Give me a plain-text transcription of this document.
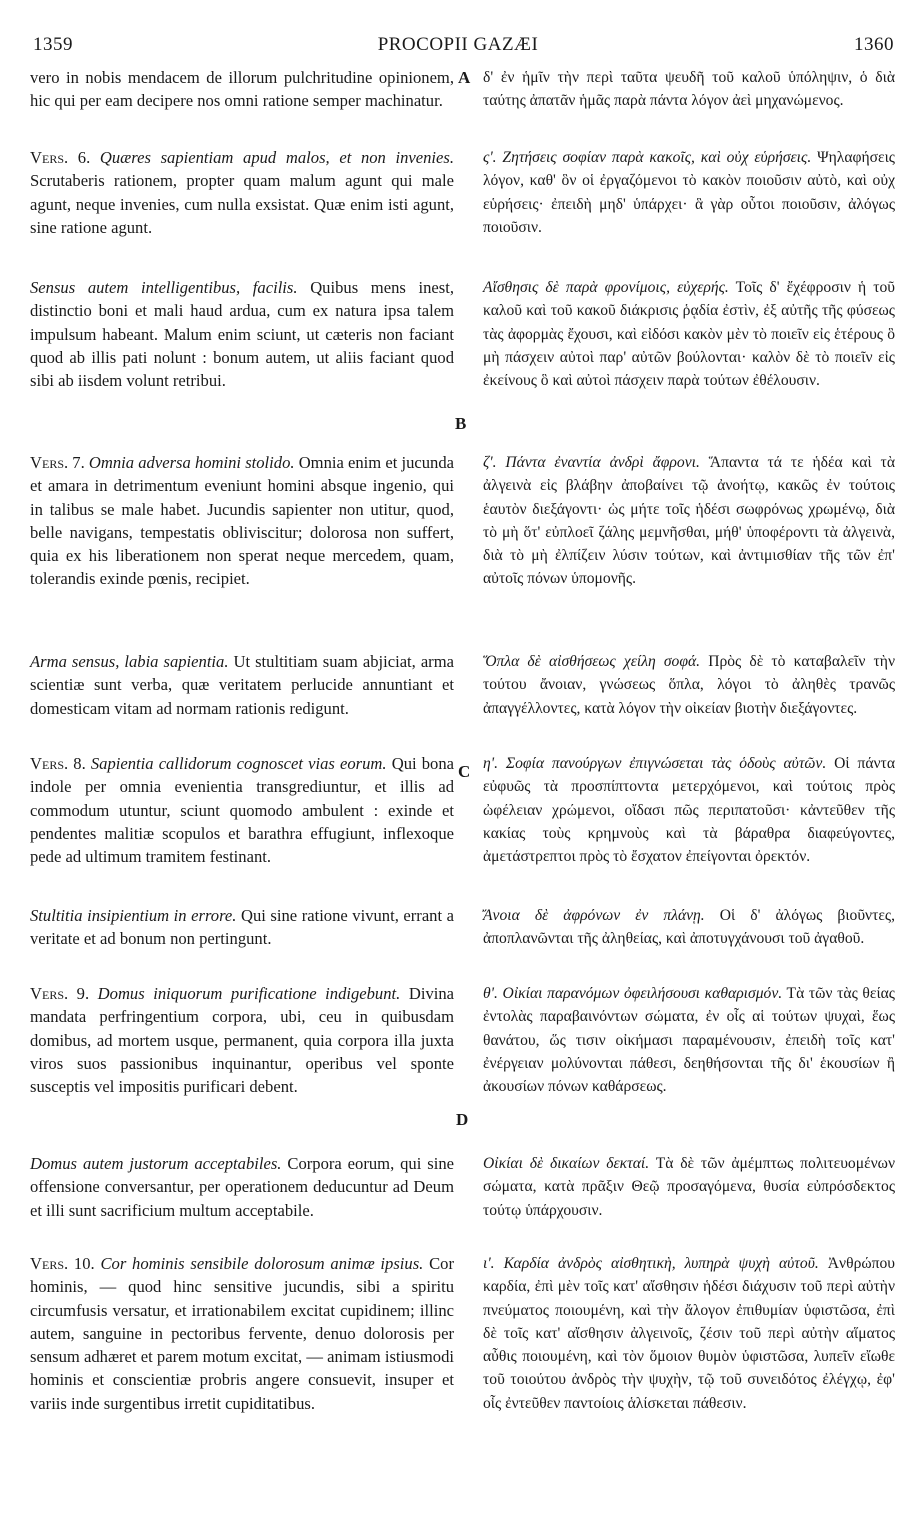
1359	PROCOPII GAZÆI	1360

vero in nobis mendacem de illorum pulchritudine opinionem, hic qui per eam decipere nos omni ratione semper machinatur.

Vers. 6. Quæres sapientiam apud malos, et non invenies. Scrutaberis rationem, propter quam malum agunt qui male agunt, neque invenies, cum nulla exsistat. Quæ enim isti agunt, sine ratione agunt.

Sensus autem intelligentibus, facilis. Quibus mens inest, distinctio boni et mali haud ardua, cum ex natura ipsa talem impulsum habeant. Malum enim sciunt, ut cæteris non faciant quod ab illis pati nolunt : bonum autem, ut aliis faciant quod sibi ab iisdem volunt retribui.

Vers. 7. Omnia adversa homini stolido. Omnia enim et jucunda et amara in detrimentum eveniunt homini absque ingenio, qui in talibus se male habet. Jucundis sapienter non utitur, quod, belle navigans, tempestatis obliviscitur; dolorosa non suffert, quia ex his liberationem non sperat neque mercedem, quam, tolerandis exinde pœnis, recipiet.

Arma sensus, labia sapientia. Ut stultitiam suam abjiciat, arma scientiæ sunt verba, quæ veritatem perlucide annuntiant et domesticam vitam ad normam rationis redigunt.

Vers. 8. Sapientia callidorum cognoscet vias eorum. Qui bona indole per omnia evenientia transgrediuntur, et illis ad commodum utuntur, sciunt quomodo ambulent : exinde et pendentes malitiæ scopulos et barathra effugiunt, inflexoque pede ad ultimum tramitem festinant.

Stultitia insipientium in errore. Qui sine ratione vivunt, errant a veritate et ad bonum non pertingunt.

Vers. 9. Domus iniquorum purificatione indigebunt. Divina mandata perfringentium corpora, ubi, ceu in quibusdam domibus, ad mortem usque, permanent, quia corpora illa juxta viros suos passionibus inquinantur, operibus vel sponte susceptis vel impositis purificari debent.

Domus autem justorum acceptabiles. Corpora eorum, qui sine offensione conversantur, per operationem deducuntur ad Deum et illi sunt sacrificium multum acceptabile.

Vers. 10. Cor hominis sensibile dolorosum animæ ipsius. Cor hominis, — quod hinc sensitive jucundis, sibi a spiritu circumfusis versatur, et irrationabilem excitat cupidinem; illinc autem, sanguine in pectoribus fervente, denuo dolorosis per sensum adhæret et parem motum excitat, — animam istiusmodi hominis et conscientiæ probris angere consuevit, insuper et variis inde surgentibus irretit cupiditatibus.

A
B
C
D

δ' ἐν ἡμῖν τὴν περὶ ταῦτα ψευδῆ τοῦ καλοῦ ὑπόληψιν, ὁ διὰ ταύτης ἀπατᾶν ἡμᾶς παρὰ πάντα λόγον ἀεὶ μηχανώμενος.

ς'. Ζητήσεις σοφίαν παρὰ κακοῖς, καὶ οὐχ εὑρήσεις. Ψηλαφήσεις λόγον, καθ' ὃν οἱ ἐργαζόμενοι τὸ κακὸν ποιοῦσιν αὐτὸ, καὶ οὐχ εὑρήσεις· ἐπειδὴ μηδ' ὑπάρχει· ἃ γὰρ οὗτοι ποιοῦσιν, ἀλόγως ποιοῦσιν.

Αἴσθησις δὲ παρὰ φρονίμοις, εὐχερής. Τοῖς δ' ἔχέφροσιν ἡ τοῦ καλοῦ καὶ τοῦ κακοῦ διάκρισις ῥᾳδία ἐστὶν, ἐξ αὐτῆς τῆς φύσεως τὰς ἀφορμὰς ἔχουσι, καὶ εἰδόσι κακὸν μὲν τὸ ποιεῖν εἰς ἑτέρους ὃ μὴ πάσχειν αὐτοὶ παρ' αὐτῶν βούλονται· καλὸν δὲ τὸ ποιεῖν εἰς ἐκείνους ὃ καὶ αὐτοὶ πάσχειν παρὰ τούτων ἐθέλουσιν.

ζ'. Πάντα ἐναντία ἀνδρὶ ἄφρονι. Ἅπαντα τά τε ἡδέα καὶ τὰ ἀλγεινὰ εἰς βλάβην ἀποβαίνει τῷ ἀνοήτῳ, κακῶς ἐν τούτοις ἑαυτὸν διεξάγοντι· ὡς μήτε τοῖς ἡδέσι σωφρόνως χρωμένῳ, διὰ τὸ μὴ ὅτ' εὐπλοεῖ ζάλης μεμνῆσθαι, μήθ' ὑποφέροντι τὰ ἀλγεινὰ, διὰ τὸ μὴ ἐλπίζειν λύσιν τούτων, καὶ ἀντιμισθίαν τῆς τῶν ἐπ' αὐτοῖς πόνων ὑπομονῆς.

Ὅπλα δὲ αἰσθήσεως χείλη σοφά. Πρὸς δὲ τὸ καταβαλεῖν τὴν τούτου ἄνοιαν, γνώσεως ὅπλα, λόγοι τὸ ἀληθὲς τρανῶς ἀπαγγέλλοντες, κατὰ λόγον τὴν οἰκείαν βιοτὴν διεξάγοντες.

η'. Σοφία πανούργων ἐπιγνώσεται τὰς ὁδοὺς αὐτῶν. Οἱ πάντα εὐφυῶς τὰ προσπίπτοντα μετερχόμενοι, καὶ τούτοις πρὸς ὠφέλειαν χρώμενοι, οἴδασι πῶς περιπατοῦσι· κἀντεῦθεν τῆς κακίας τοὺς κρημνοὺς καὶ τὰ βάραθρα διαφεύγοντες, ἀμετάστρεπτοι πρὸς τὸ ἔσχατον ἐπείγονται ὀρεκτόν.

Ἄνοια δὲ ἀφρόνων ἐν πλάνῃ. Οἱ δ' ἀλόγως βιοῦντες, ἀποπλανῶνται τῆς ἀληθείας, καὶ ἀποτυγχάνουσι τοῦ ἀγαθοῦ.

θ'. Οἰκίαι παρανόμων ὀφειλήσουσι καθαρισμόν. Τὰ τῶν τὰς θείας ἐντολὰς παραβαινόντων σώματα, ἐν οἷς αἱ τούτων ψυχαὶ, ἕως θανάτου, ὥς τισιν οἰκήμασι παραμένουσιν, ἐπειδὴ τοῖς κατ' ἐνέργειαν μολύνονται πάθεσι, δεηθήσονται τῆς δι' ἑκουσίων ἢ ἀκουσίων πόνων καθάρσεως.

Οἰκίαι δὲ δικαίων δεκταί. Τὰ δὲ τῶν ἀμέμπτως πολιτευομένων σώματα, κατὰ πρᾶξιν Θεῷ προσαγόμενα, θυσία εὐπρόσδεκτος τούτῳ ὑπάρχουσιν.

ι'. Καρδία ἀνδρὸς αἰσθητικὴ, λυπηρὰ ψυχὴ αὐτοῦ. Ἀνθρώπου καρδία, ἐπὶ μὲν τοῖς κατ' αἴσθησιν ἡδέσι διάχυσιν τοῦ περὶ αὐτὴν πνεύματος ποιουμένη, καὶ τὴν ἄλογον ἐπιθυμίαν ὑφιστῶσα, ἐπὶ δὲ τοῖς κατ' αἴσθησιν ἀλγεινοῖς, ζέσιν τοῦ περὶ αὐτὴν αἵματος αὖθις ποιουμένη, καὶ τὸν ὅμοιον θυμὸν ὑφιστῶσα, λυπεῖν εἴωθε τοῦ τοιούτου ἀνδρὸς τὴν ψυχὴν, τῷ τοῦ συνειδότος ἐλέγχῳ, ἐφ' οἷς ἐντεῦθεν παντοίοις ἁλίσκεται πάθεσιν.
